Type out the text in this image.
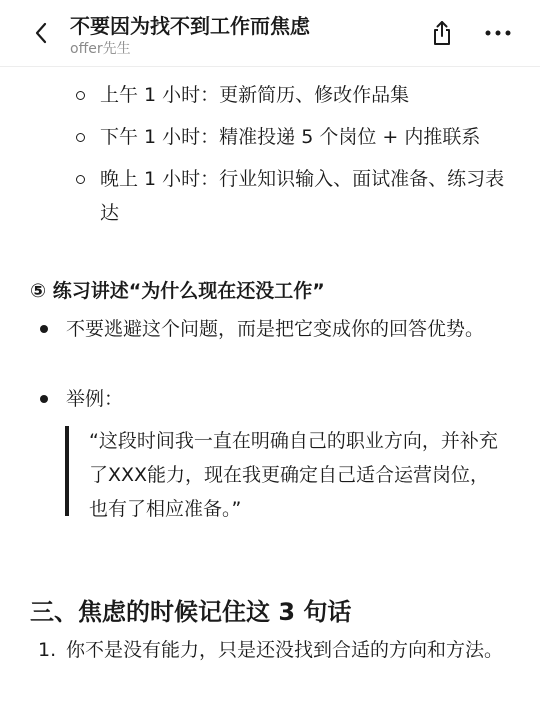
不要因为找不到工作而焦虑
offer先生
上午 1 小时：更新简历、修改作品集
下午 1 小时：精准投递 5 个岗位 + 内推联系
晚上 1 小时：行业知识输入、面试准备、练习表达
⑤ 练习讲述“为什么现在还没工作”
不要逃避这个问题，而是把它变成你的回答优势。
举例：
“这段时间我一直在明确自己的职业方向，并补充了XXX能力，现在我更确定自己适合运营岗位，也有了相应准备。”
三、焦虑的时候记住这 3 句话
1. 你不是没有能力，只是还没找到合适的方向和方法。
